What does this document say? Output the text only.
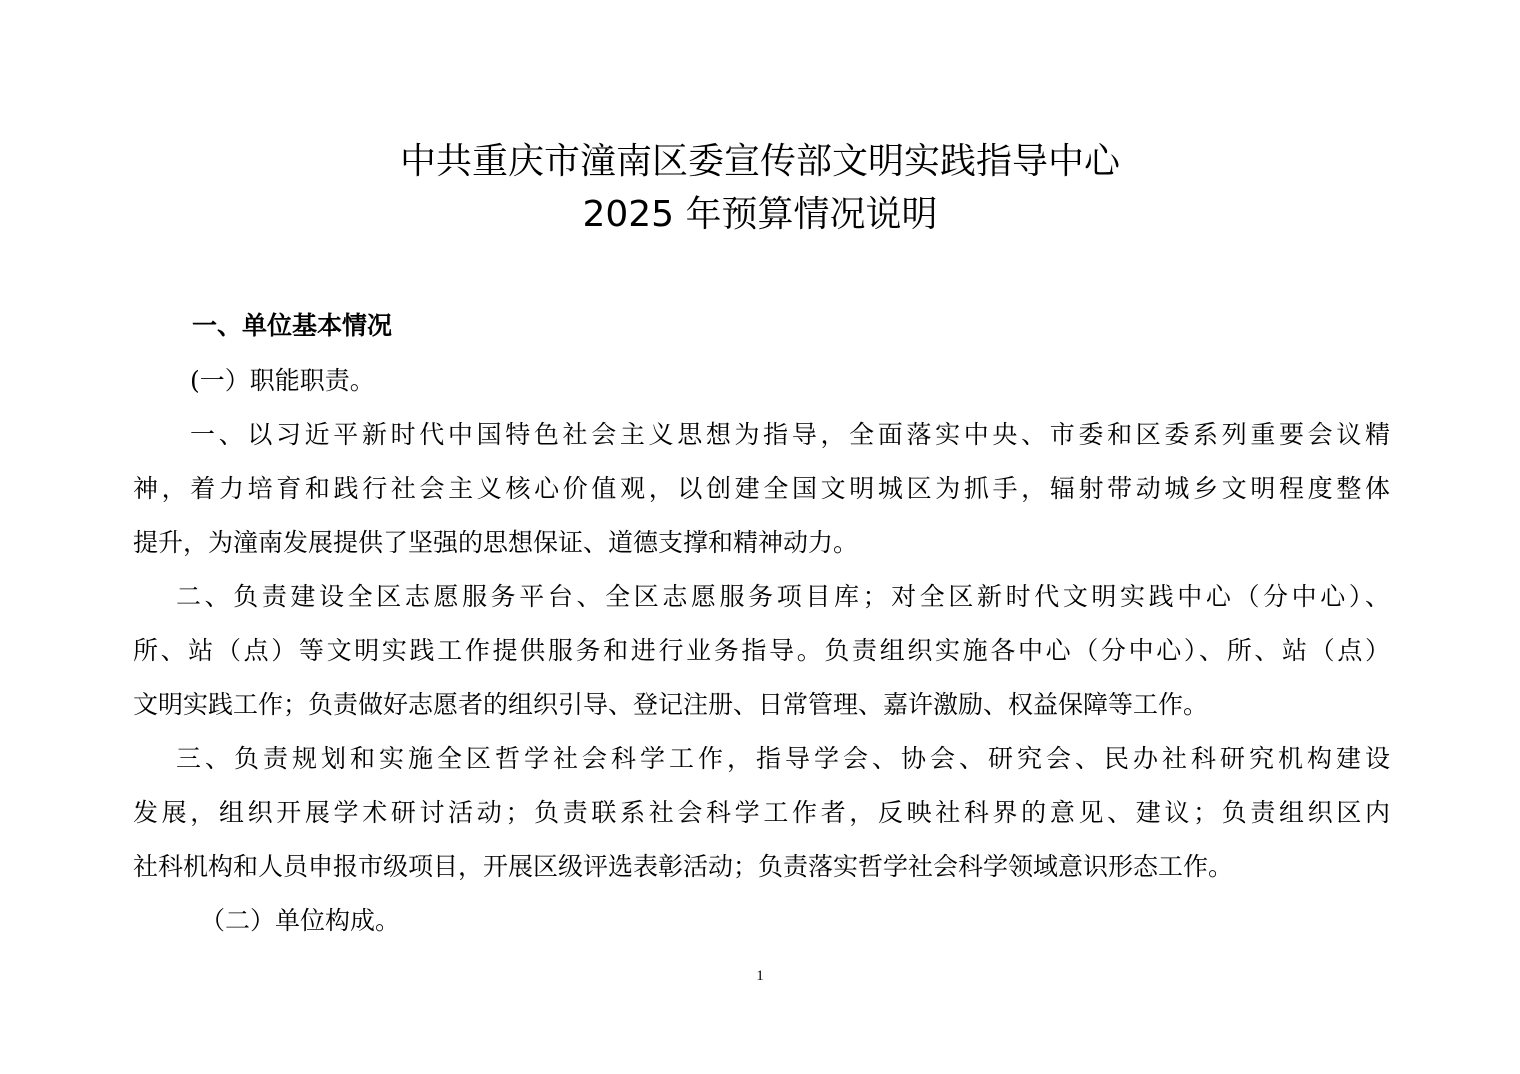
中共重庆市潼南区委宣传部文明实践指导中心
2025 年预算情况说明
一、单位基本情况
(一）职能职责。
一、以习近平新时代中国特色社会主义思想为指导，全面落实中央、市委和区委系列重要会议精
神，着力培育和践行社会主义核心价值观，以创建全国文明城区为抓手，辐射带动城乡文明程度整体
提升，为潼南发展提供了坚强的思想保证、道德支撑和精神动力。
二、负责建设全区志愿服务平台、全区志愿服务项目库；对全区新时代文明实践中心（分中心）、
所、站（点）等文明实践工作提供服务和进行业务指导。负责组织实施各中心（分中心）、所、站（点）
文明实践工作；负责做好志愿者的组织引导、登记注册、日常管理、嘉许激励、权益保障等工作。
三、负责规划和实施全区哲学社会科学工作，指导学会、协会、研究会、民办社科研究机构建设
发展，组织开展学术研讨活动；负责联系社会科学工作者，反映社科界的意见、建议；负责组织区内
社科机构和人员申报市级项目，开展区级评选表彰活动；负责落实哲学社会科学领域意识形态工作。
（二）单位构成。
1
